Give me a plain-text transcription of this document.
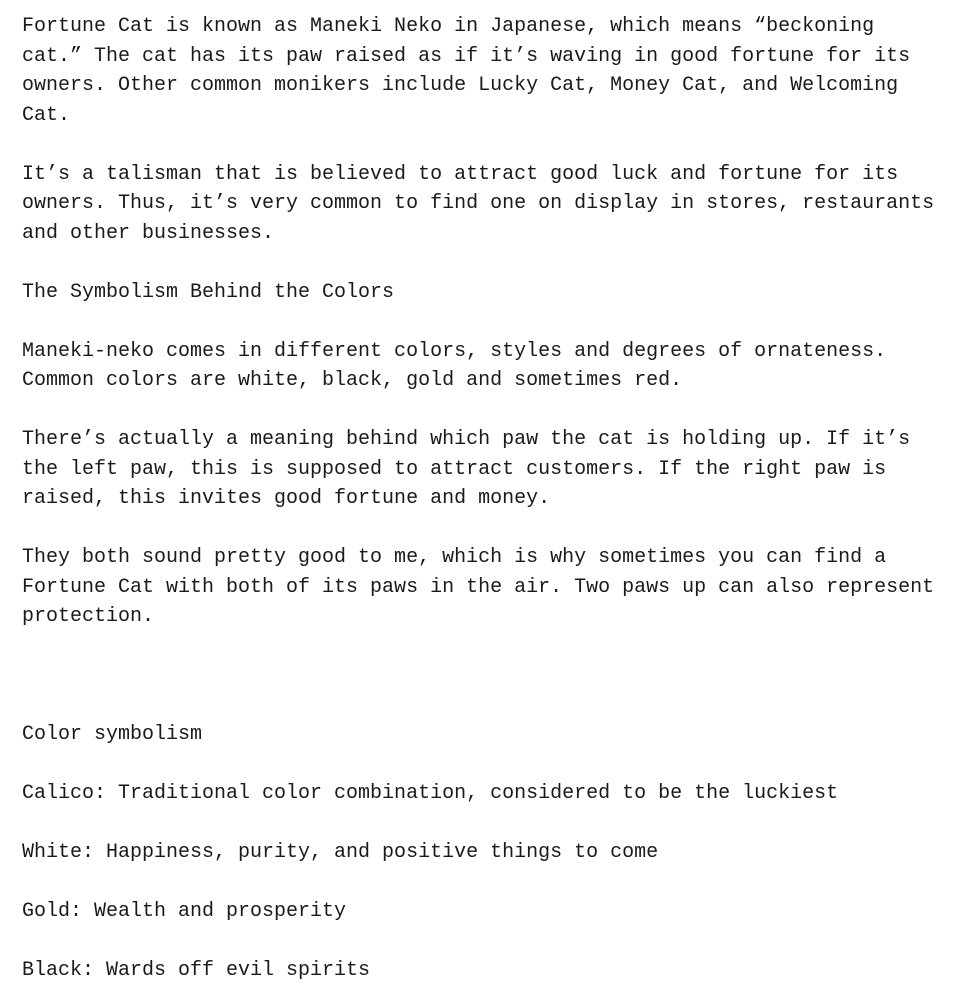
Fortune Cat is known as Maneki Neko in Japanese, which means “beckoning cat.” The cat has its paw raised as if it’s waving in good fortune for its owners. Other common monikers include Lucky Cat, Money Cat, and Welcoming Cat.

It’s a talisman that is believed to attract good luck and fortune for its owners. Thus, it’s very common to find one on display in stores, restaurants and other businesses.

The Symbolism Behind the Colors

Maneki-neko comes in different colors, styles and degrees of ornateness. Common colors are white, black, gold and sometimes red.

There’s actually a meaning behind which paw the cat is holding up. If it’s the left paw, this is supposed to attract customers. If the right paw is raised, this invites good fortune and money.

They both sound pretty good to me, which is why sometimes you can find a Fortune Cat with both of its paws in the air. Two paws up can also represent protection.

Color symbolism

Calico: Traditional color combination, considered to be the luckiest

White: Happiness, purity, and positive things to come

Gold: Wealth and prosperity

Black: Wards off evil spirits
